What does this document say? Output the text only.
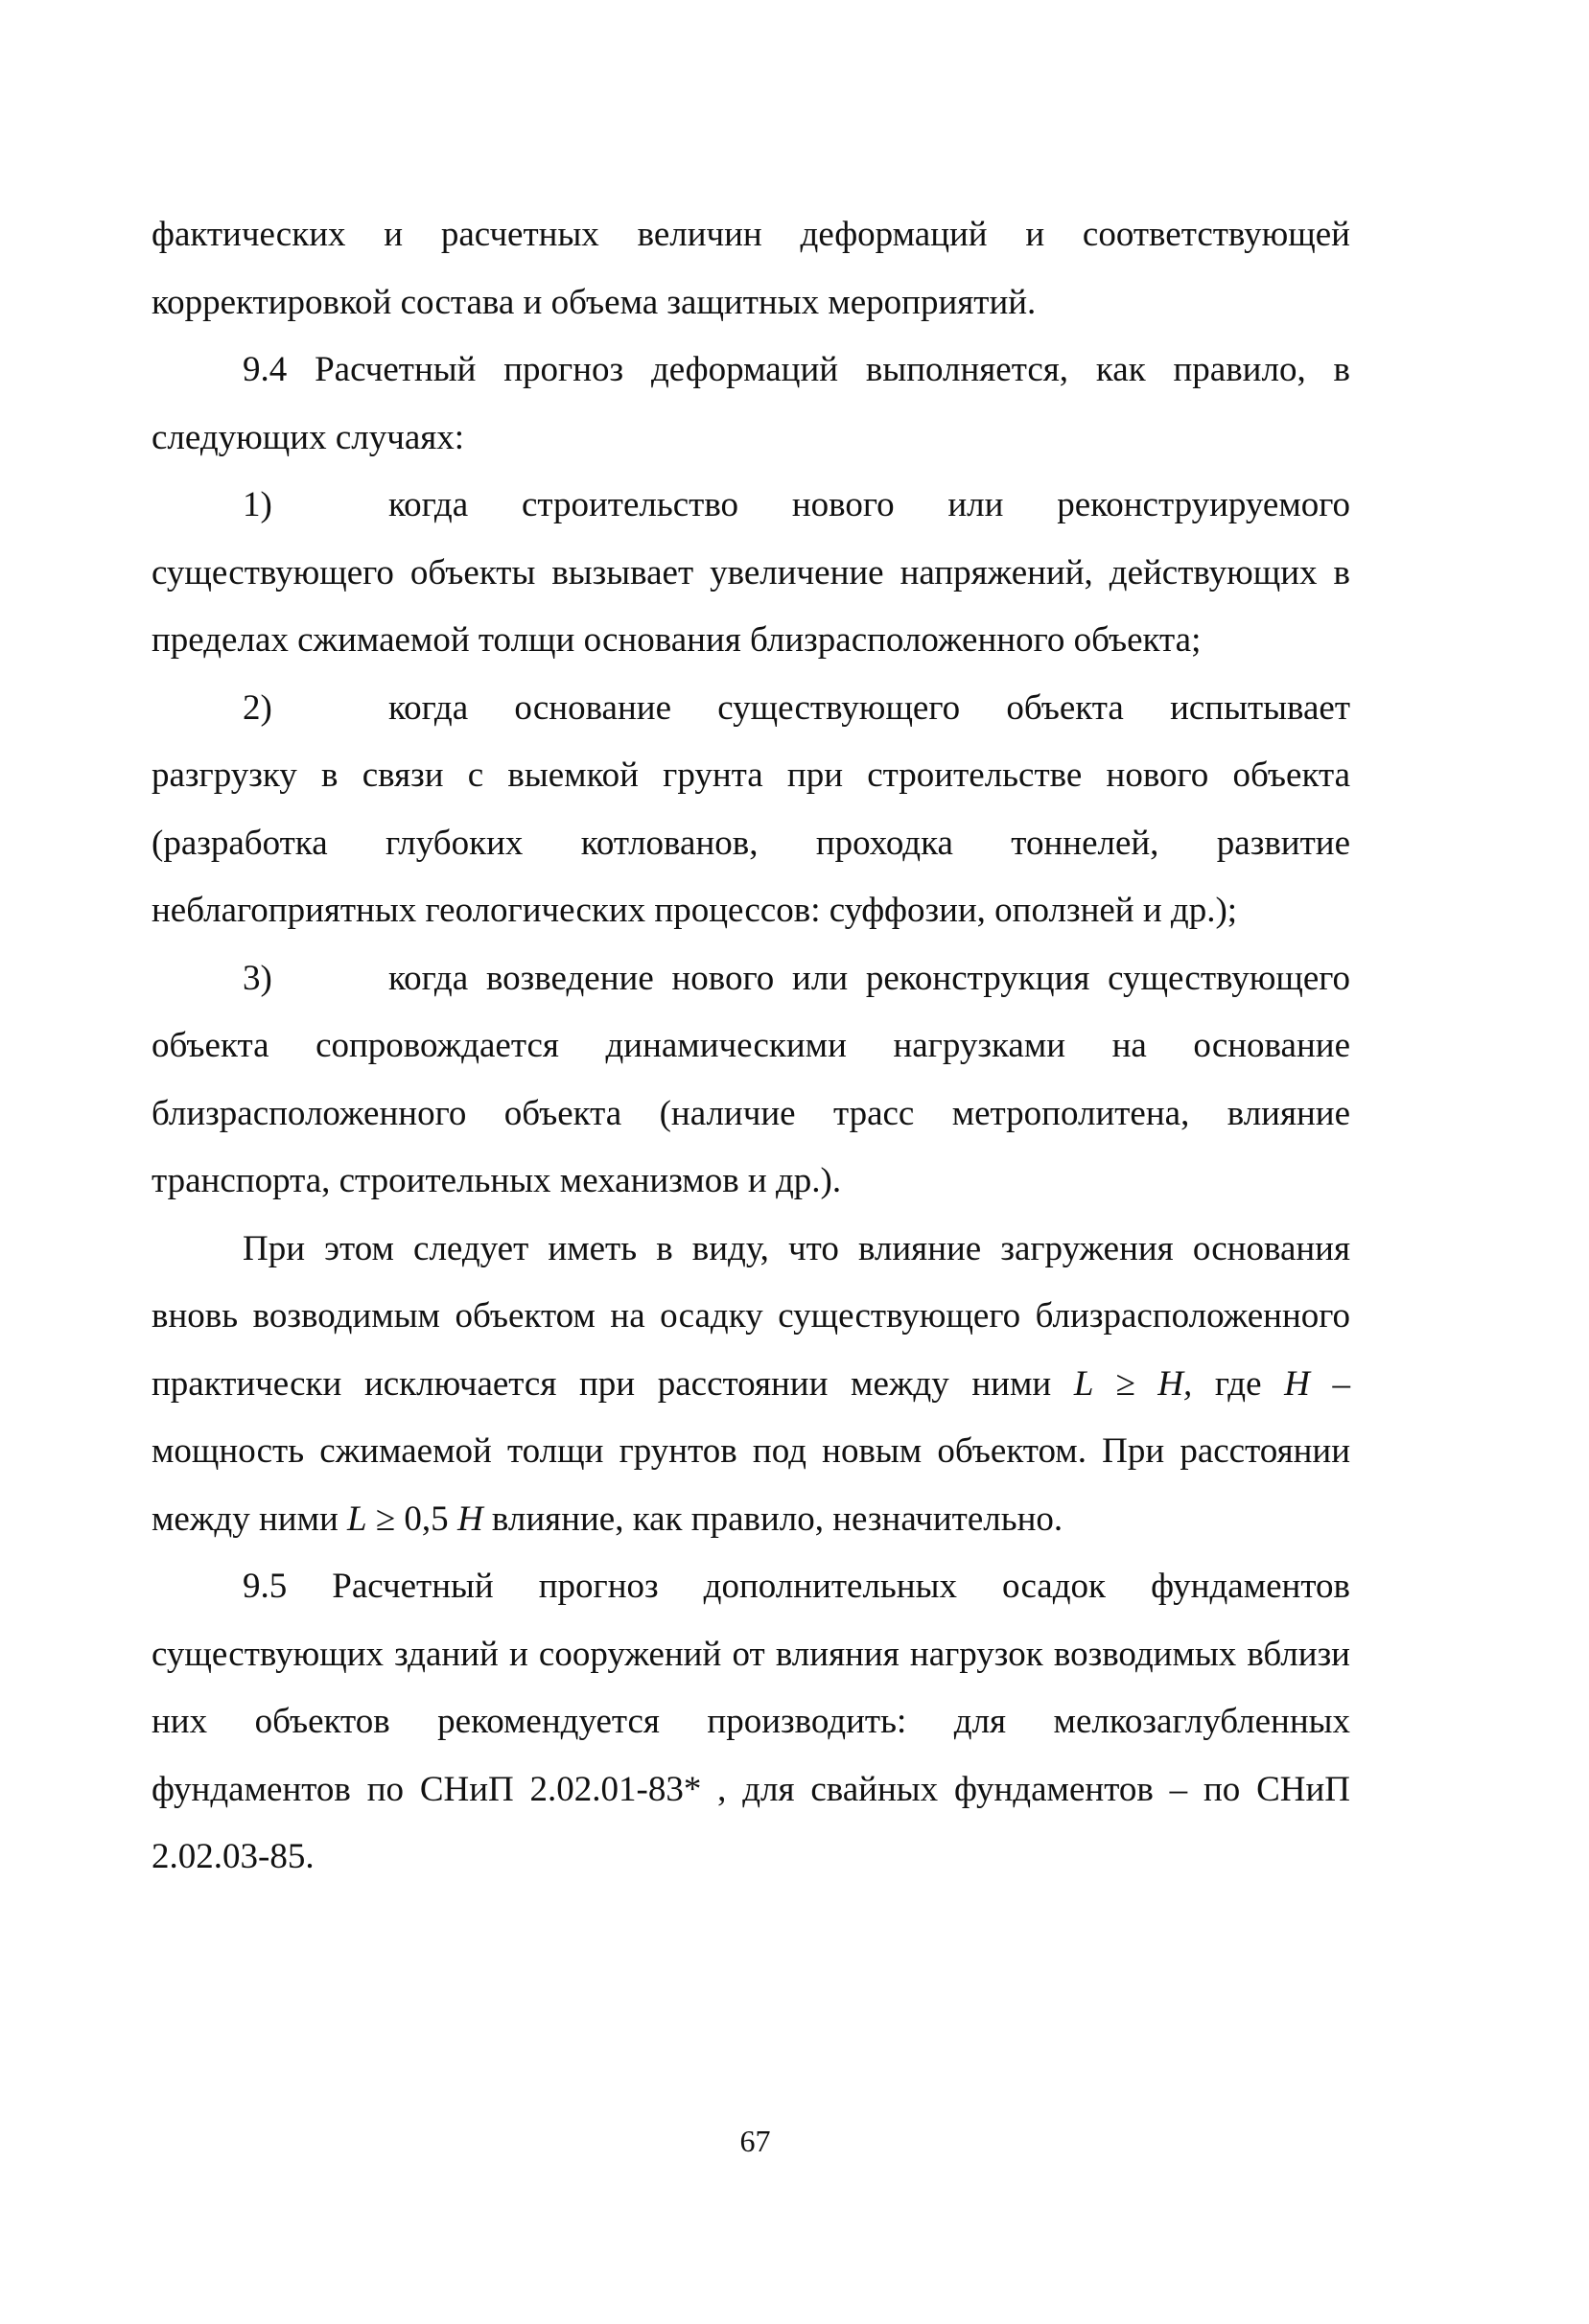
фактических и расчетных величин деформаций и соответствующей корректировкой состава и объема защитных мероприятий.

9.4 Расчетный прогноз деформаций выполняется, как правило, в следующих случаях:

1)	когда строительство нового или реконструируемого существующего объекты вызывает увеличение напряжений, действующих в пределах сжимаемой толщи основания близрасположенного объекта;

2)	когда основание существующего объекта испытывает разгрузку в связи с выемкой грунта при строительстве нового объекта (разработка глубоких котлованов, проходка тоннелей, развитие неблагоприятных геологических процессов: суффозии, оползней и др.);

3)	когда возведение нового или реконструкция существующего объекта сопровождается динамическими нагрузками на основание близрасположенного объекта (наличие трасс метрополитена, влияние транспорта, строительных механизмов и др.).

При этом следует иметь в виду, что влияние загружения основания вновь возводимым объектом на осадку существующего близрасположенного практически исключается при расстоянии между ними L ≥ H, где H – мощность сжимаемой толщи грунтов под новым объектом. При расстоянии между ними L ≥ 0,5 H влияние, как правило, незначительно.

9.5 Расчетный прогноз дополнительных осадок фундаментов существующих зданий и сооружений от влияния нагрузок возводимых вблизи них объектов рекомендуется производить: для мелкозаглубленных фундаментов по СНиП 2.02.01-83* , для свайных фундаментов – по СНиП 2.02.03-85.

67
